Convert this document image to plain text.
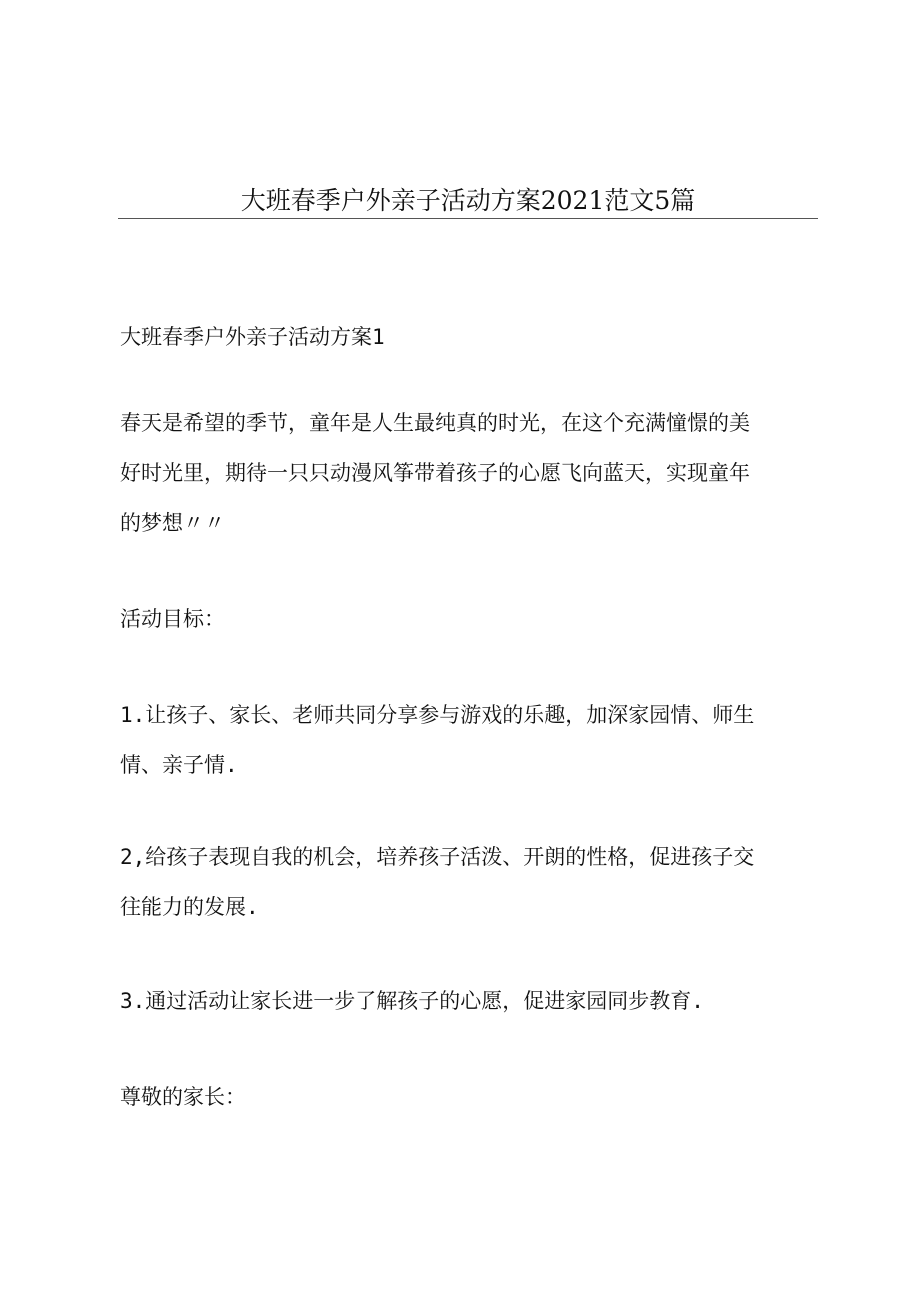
大班春季户外亲子活动方案2021范文5篇
大班春季户外亲子活动方案1
春天是希望的季节，童年是人生最纯真的时光，在这个充满憧憬的美
好时光里，期待一只只动漫风筝带着孩子的心愿飞向蓝天，实现童年
的梦想〃〃
活动目标：
1.让孩子、家长、老师共同分享参与游戏的乐趣，加深家园情、师生
情、亲子情.
2,给孩子表现自我的机会，培养孩子活泼、开朗的性格，促进孩子交
往能力的发展.
3.通过活动让家长进一步了解孩子的心愿，促进家园同步教育.
尊敬的家长：
